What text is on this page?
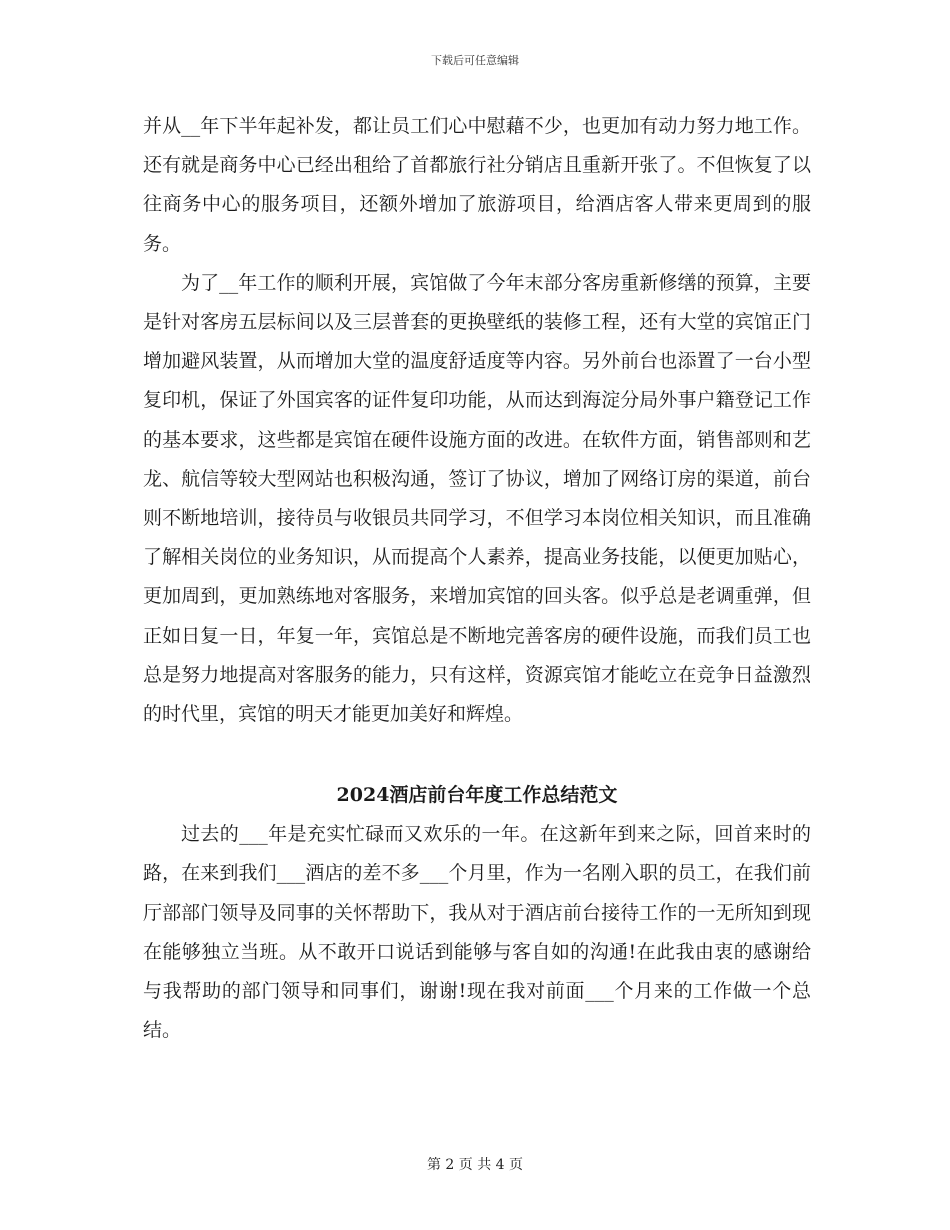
下载后可任意编辑

并从__年下半年起补发，都让员工们心中慰藉不少，也更加有动力努力地工作。还有就是商务中心已经出租给了首都旅行社分销店且重新开张了。不但恢复了以往商务中心的服务项目，还额外增加了旅游项目，给酒店客人带来更周到的服务。

为了__年工作的顺利开展，宾馆做了今年末部分客房重新修缮的预算，主要是针对客房五层标间以及三层普套的更换壁纸的装修工程，还有大堂的宾馆正门增加避风装置，从而增加大堂的温度舒适度等内容。另外前台也添置了一台小型复印机，保证了外国宾客的证件复印功能，从而达到海淀分局外事户籍登记工作的基本要求，这些都是宾馆在硬件设施方面的改进。在软件方面，销售部则和艺龙、航信等较大型网站也积极沟通，签订了协议，增加了网络订房的渠道，前台则不断地培训，接待员与收银员共同学习，不但学习本岗位相关知识，而且准确了解相关岗位的业务知识，从而提高个人素养，提高业务技能，以便更加贴心，更加周到，更加熟练地对客服务，来增加宾馆的回头客。似乎总是老调重弹，但正如日复一日，年复一年，宾馆总是不断地完善客房的硬件设施，而我们员工也总是努力地提高对客服务的能力，只有这样，资源宾馆才能屹立在竞争日益激烈的时代里，宾馆的明天才能更加美好和辉煌。

2024酒店前台年度工作总结范文

过去的___年是充实忙碌而又欢乐的一年。在这新年到来之际，回首来时的路，在来到我们___酒店的差不多___个月里，作为一名刚入职的员工，在我们前厅部部门领导及同事的关怀帮助下，我从对于酒店前台接待工作的一无所知到现在能够独立当班。从不敢开口说话到能够与客自如的沟通!在此我由衷的感谢给与我帮助的部门领导和同事们，谢谢!现在我对前面___个月来的工作做一个总结。

第 2 页 共 4 页
